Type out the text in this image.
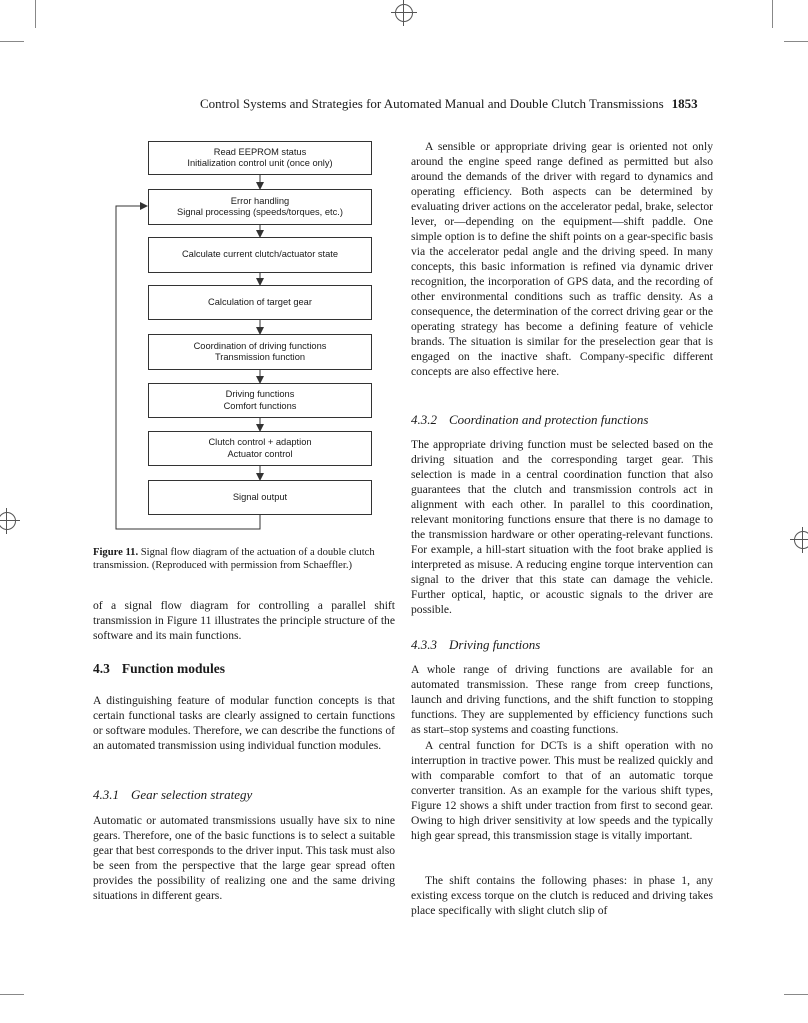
Control Systems and Strategies for Automated Manual and Double Clutch Transmissions 1853
Read EEPROM status
Initialization control unit (once only)
Error handling
Signal processing (speeds/torques, etc.)
Calculate current clutch/actuator state
Calculation of target gear
Coordination of driving functions
Transmission function
Driving functions
Comfort functions
Clutch control + adaption
Actuator control
Signal output
Figure 11. Signal flow diagram of the actuation of a double clutch transmission. (Reproduced with permission from Schaeffler.)

of a signal flow diagram for controlling a parallel shift transmission in Figure 11 illustrates the principle structure of the software and its main functions.

4.3 Function modules

A distinguishing feature of modular function concepts is that certain functional tasks are clearly assigned to certain functions or software modules. Therefore, we can describe the functions of an automated transmission using individual function modules.

4.3.1 Gear selection strategy

Automatic or automated transmissions usually have six to nine gears. Therefore, one of the basic functions is to select a suitable gear that best corresponds to the driver input. This task must also be seen from the perspective that the large gear spread often provides the possibility of realizing one and the same driving situations in different gears.

A sensible or appropriate driving gear is oriented not only around the engine speed range defined as permitted but also around the demands of the driver with regard to dynamics and operating efficiency. Both aspects can be determined by evaluating driver actions on the accelerator pedal, brake, selector lever, or—depending on the equipment—shift paddle. One simple option is to define the shift points on a gear-specific basis via the accelerator pedal angle and the driving speed. In many concepts, this basic information is refined via dynamic driver recognition, the incorporation of GPS data, and the recording of other environmental conditions such as traffic density. As a consequence, the determination of the correct driving gear or the operating strategy has become a defining feature of vehicle brands. The situation is similar for the preselection gear that is engaged on the inactive shaft. Company-specific different concepts are also effective here.

4.3.2 Coordination and protection functions

The appropriate driving function must be selected based on the driving situation and the corresponding target gear. This selection is made in a central coordination function that also guarantees that the clutch and transmission controls act in alignment with each other. In parallel to this coordination, relevant monitoring functions ensure that there is no damage to the transmission hardware or other operating-relevant functions. For example, a hill-start situation with the foot brake applied is interpreted as misuse. A reducing engine torque intervention can signal to the driver that this state can damage the vehicle. Further optical, haptic, or acoustic signals to the driver are possible.

4.3.3 Driving functions

A whole range of driving functions are available for an automated transmission. These range from creep functions, launch and driving functions, and the shift function to stopping functions. They are supplemented by efficiency functions such as start–stop systems and coasting functions.

A central function for DCTs is a shift operation with no interruption in tractive power. This must be realized quickly and with comparable comfort to that of an automatic torque converter transition. As an example for the various shift types, Figure 12 shows a shift under traction from first to second gear. Owing to high driver sensitivity at low speeds and the typically high gear spread, this transmission stage is vitally important.

The shift contains the following phases: in phase 1, any existing excess torque on the clutch is reduced and driving takes place specifically with slight clutch slip of
